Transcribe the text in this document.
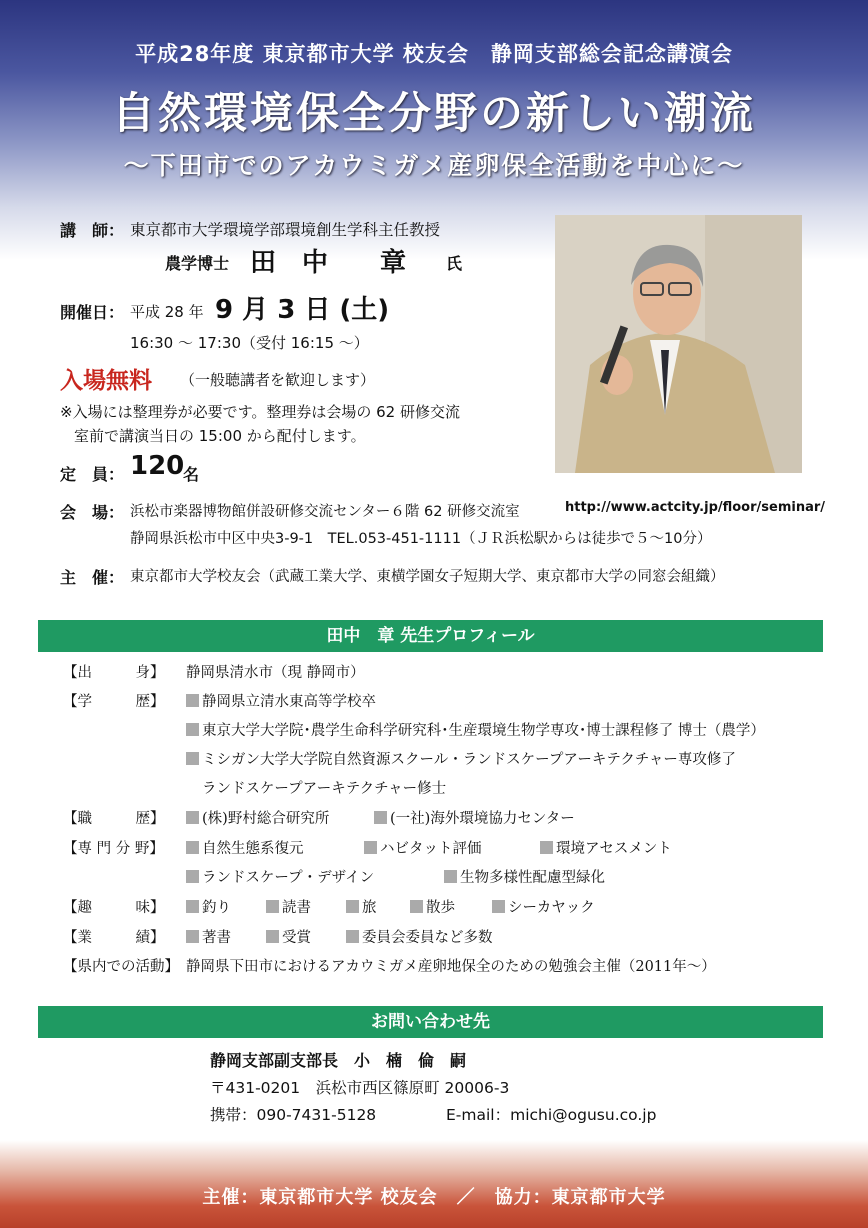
平成28年度 東京都市大学 校友会　静岡支部総会記念講演会
自然環境保全分野の新しい潮流
〜下田市でのアカウミガメ産卵保全活動を中心に〜
講　師： 東京都市大学環境学部環境創生学科主任教授
農学博士 田　中　　章 氏
開催日： 平成 28 年 9 月 3 日 (土)
16:30 〜 17:30（受付 16:15 〜）
入場無料 （一般聴講者を歓迎します）
※入場には整理券が必要です。整理券は会場の 62 研修交流
室前で講演当日の 15:00 から配付します。
定　員： 120
名
会　場： 浜松市楽器博物館併設研修交流センター６階 62 研修交流室	http://www.actcity.jp/floor/seminar/
静岡県浜松市中区中央3-9-1　TEL.053-451-1111（ＪＲ浜松駅からは徒歩で５〜10分）
主　催： 東京都市大学校友会（武蔵工業大学、東横学園女子短期大学、東京都市大学の同窓会組織）
田中　章 先生プロフィール
【出　　　身】 静岡県清水市（現 静岡市）
【学　　　歴】	静岡県立清水東高等学校卒
東京大学大学院･農学生命科学研究科･生産環境生物学専攻･博士課程修了 博士（農学）
ミシガン大学大学院自然資源スクール・ランドスケープアーキテクチャー専攻修了
ランドスケープアーキテクチャー修士
【職　　　歴】	(株)野村総合研究所	(一社)海外環境協力センター
【専 門 分 野】	自然生態系復元	ハビタット評価	環境アセスメント
ランドスケープ・デザイン	生物多様性配慮型緑化
【趣　　　味】	釣り	読書	旅	散歩	シーカヤック
【業　　　績】	著書	受賞	委員会委員など多数
【県内での活動】 静岡県下田市におけるアカウミガメ産卵地保全のための勉強会主催（2011年〜）
お問い合わせ先
静岡支部副支部長　小　楠　倫　嗣
〒431-0201　浜松市西区篠原町 20006-3
携帯：090-7431-5128	E-mail：michi@ogusu.co.jp
主催：東京都市大学 校友会　／　協力：東京都市大学
